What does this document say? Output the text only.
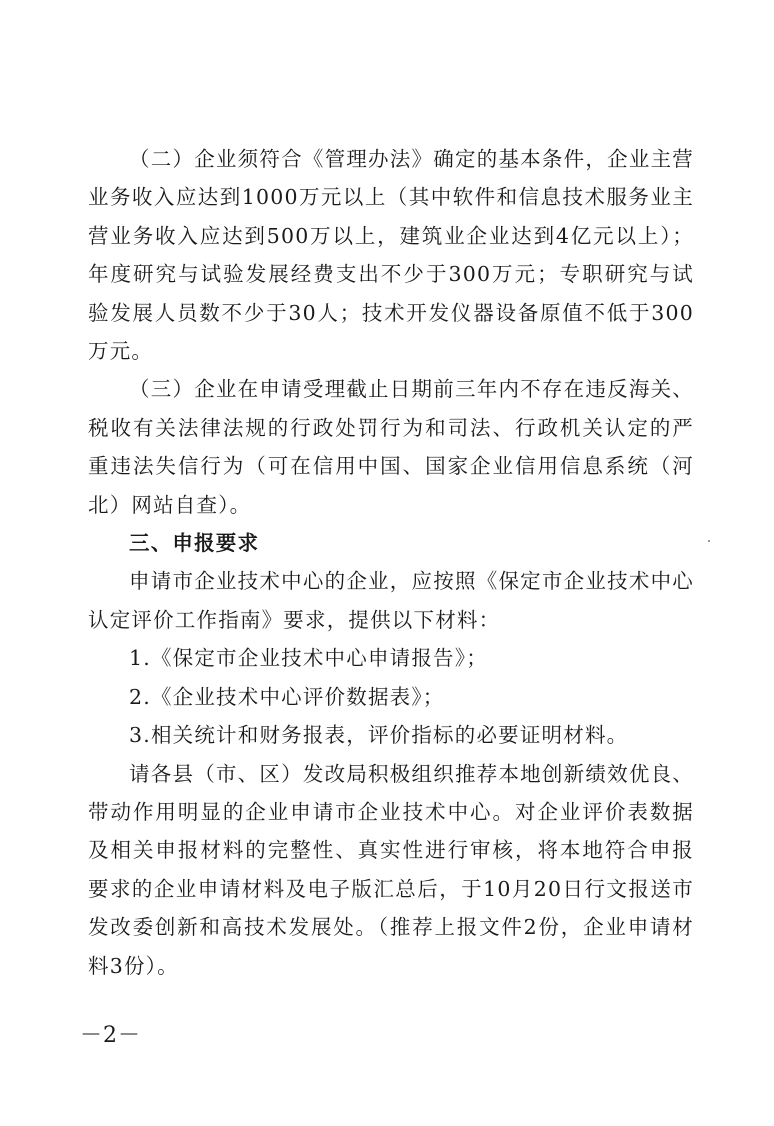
（二）企业须符合《管理办法》确定的基本条件，企业主营业务收入应达到1000万元以上（其中软件和信息技术服务业主营业务收入应达到500万以上，建筑业企业达到4亿元以上）；年度研究与试验发展经费支出不少于300万元；专职研究与试验发展人员数不少于30人；技术开发仪器设备原值不低于300万元。

（三）企业在申请受理截止日期前三年内不存在违反海关、税收有关法律法规的行政处罚行为和司法、行政机关认定的严重违法失信行为（可在信用中国、国家企业信用信息系统（河北）网站自查）。

三、申报要求

申请市企业技术中心的企业，应按照《保定市企业技术中心认定评价工作指南》要求，提供以下材料：

1.《保定市企业技术中心申请报告》；

2.《企业技术中心评价数据表》；

3.相关统计和财务报表，评价指标的必要证明材料。

请各县（市、区）发改局积极组织推荐本地创新绩效优良、带动作用明显的企业申请市企业技术中心。对企业评价表数据及相关申报材料的完整性、真实性进行审核，将本地符合申报要求的企业申请材料及电子版汇总后，于10月20日行文报送市发改委创新和高技术发展处。（推荐上报文件2份，企业申请材料3份）。

－2－
